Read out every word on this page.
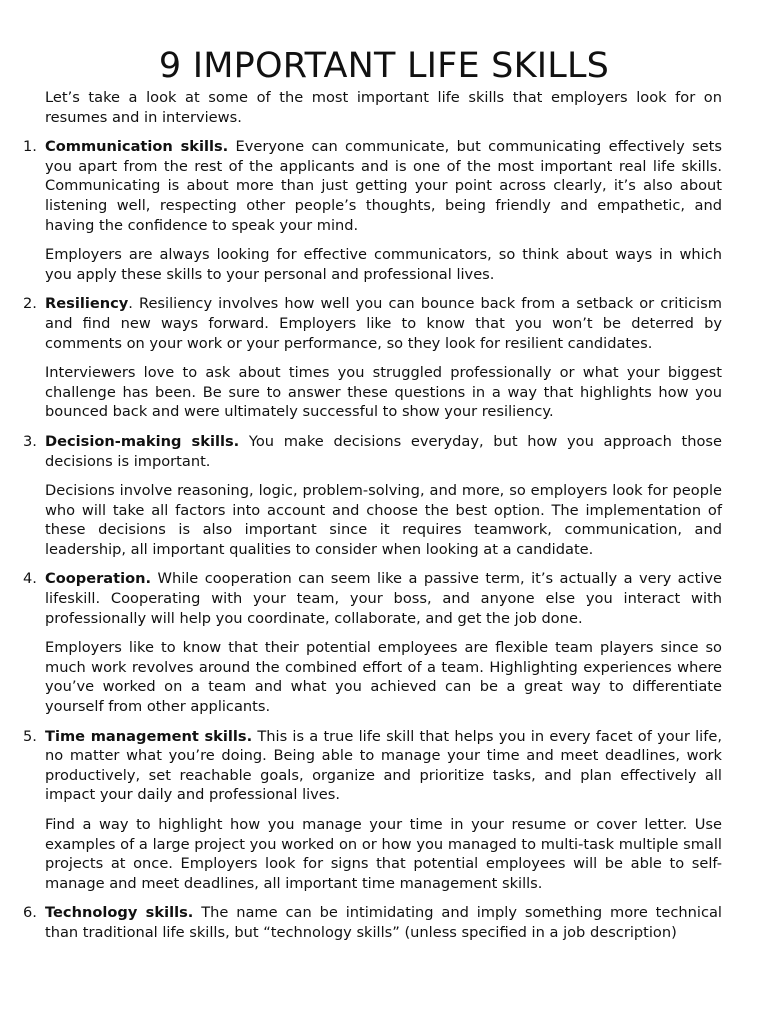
9 IMPORTANT LIFE SKILLS

Let’s take a look at some of the most important life skills that employers look for on resumes and in interviews.

1. Communication skills. Everyone can communicate, but communicating effectively sets you apart from the rest of the applicants and is one of the most important real life skills. Communicating is about more than just getting your point across clearly, it’s also about listening well, respecting other people’s thoughts, being friendly and empathetic, and having the confidence to speak your mind.

Employers are always looking for effective communicators, so think about ways in which you apply these skills to your personal and professional lives.

2. Resiliency. Resiliency involves how well you can bounce back from a setback or criticism and find new ways forward. Employers like to know that you won’t be deterred by comments on your work or your performance, so they look for resilient candidates.

Interviewers love to ask about times you struggled professionally or what your biggest challenge has been. Be sure to answer these questions in a way that highlights how you bounced back and were ultimately successful to show your resiliency.

3. Decision-making skills. You make decisions everyday, but how you approach those decisions is important.

Decisions involve reasoning, logic, problem-solving, and more, so employers look for people who will take all factors into account and choose the best option. The implementation of these decisions is also important since it requires teamwork, communication, and leadership, all important qualities to consider when looking at a candidate.

4. Cooperation. While cooperation can seem like a passive term, it’s actually a very active lifeskill. Cooperating with your team, your boss, and anyone else you interact with professionally will help you coordinate, collaborate, and get the job done.

Employers like to know that their potential employees are flexible team players since so much work revolves around the combined effort of a team. Highlighting experiences where you’ve worked on a team and what you achieved can be a great way to differentiate yourself from other applicants.

5. Time management skills. This is a true life skill that helps you in every facet of your life, no matter what you’re doing. Being able to manage your time and meet deadlines, work productively, set reachable goals, organize and prioritize tasks, and plan effectively all impact your daily and professional lives.

Find a way to highlight how you manage your time in your resume or cover letter. Use examples of a large project you worked on or how you managed to multi-task multiple small projects at once. Employers look for signs that potential employees will be able to self-manage and meet deadlines, all important time management skills.

6. Technology skills. The name can be intimidating and imply something more technical than traditional life skills, but “technology skills” (unless specified in a job description)
